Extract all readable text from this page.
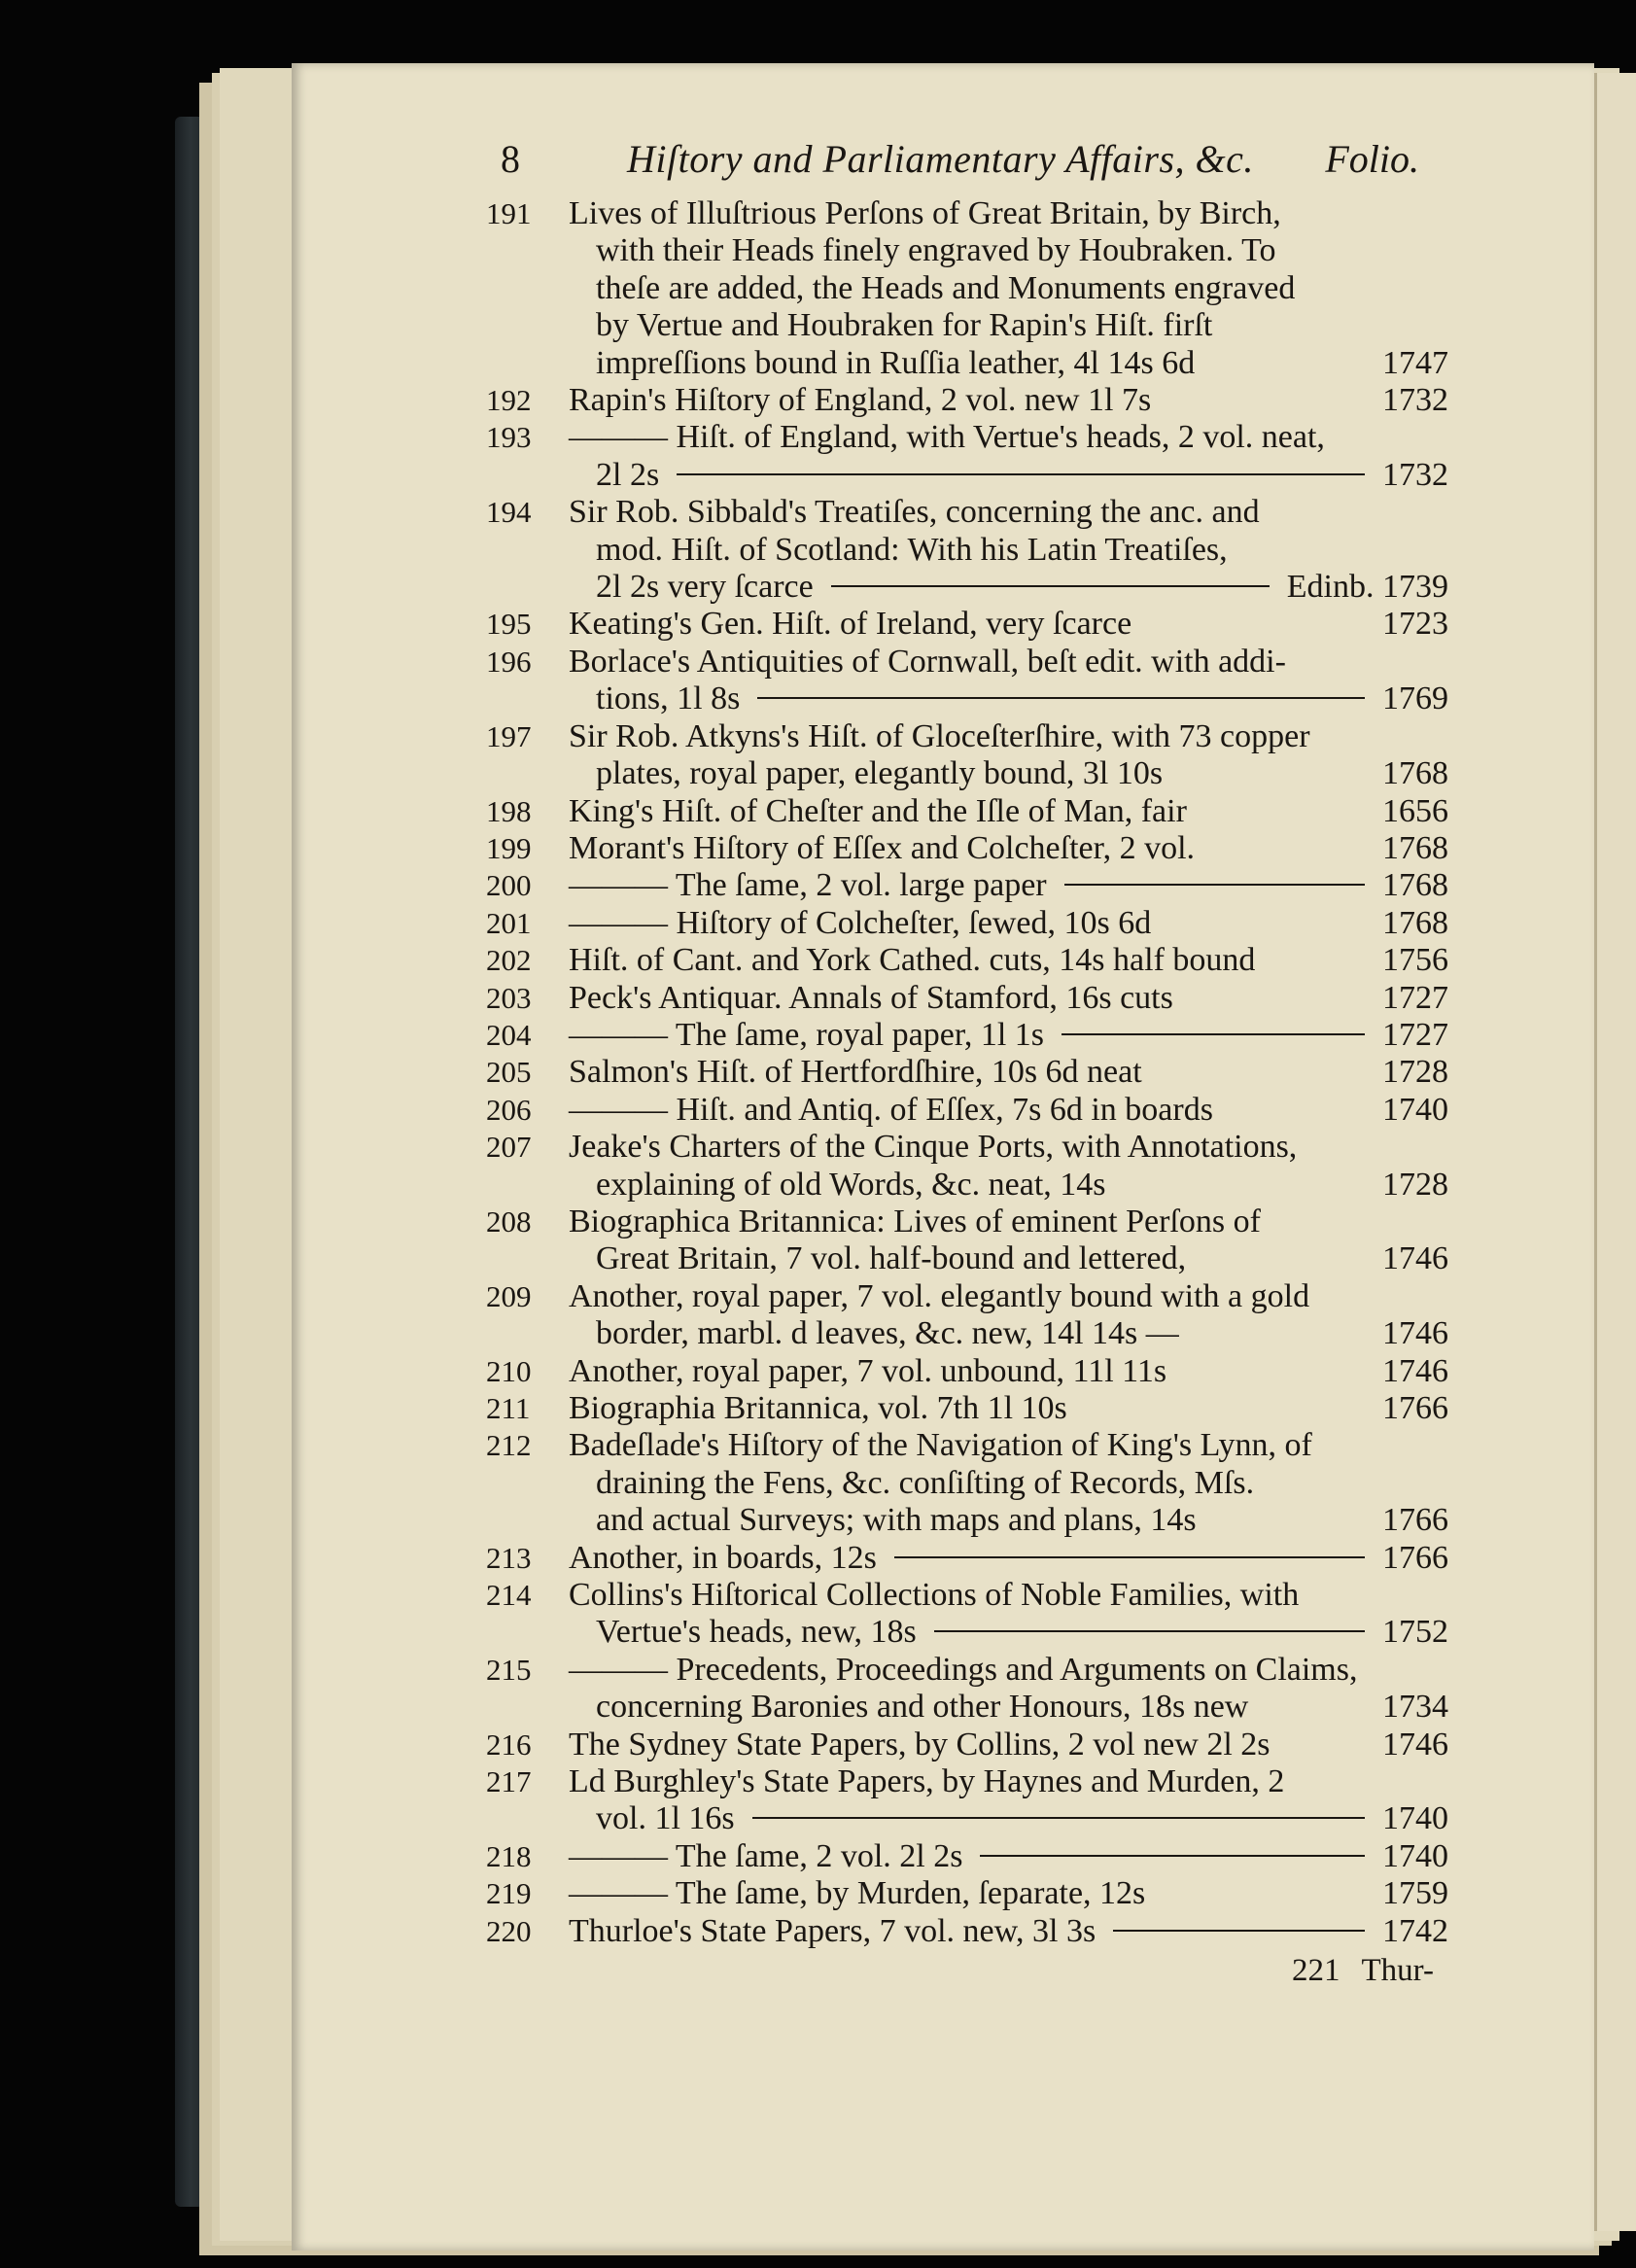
8	Hiſtory and Parliamentary Affairs, &c. Folio.
191	Lives of Illuſtrious Perſons of Great Britain, by Birch,
with their Heads finely engraved by Houbraken. To
theſe are added, the Heads and Monuments engraved
by Vertue and Houbraken for Rapin's Hiſt. firſt
impreſſions bound in Ruſſia leather, 4l 14s 6d	1747
192	Rapin's Hiſtory of England, 2 vol. new 1l 7s	1732
193	——— Hiſt. of England, with Vertue's heads, 2 vol. neat,
2l 2s	1732
194	Sir Rob. Sibbald's Treatiſes, concerning the anc. and
mod. Hiſt. of Scotland: With his Latin Treatiſes,
2l 2s very ſcarce	Edinb. 1739
195	Keating's Gen. Hiſt. of Ireland, very ſcarce	1723
196	Borlace's Antiquities of Cornwall, beſt edit. with addi-
tions, 1l 8s	1769
197	Sir Rob. Atkyns's Hiſt. of Gloceſterſhire, with 73 copper
plates, royal paper, elegantly bound, 3l 10s	1768
198	King's Hiſt. of Cheſter and the Iſle of Man, fair	1656
199	Morant's Hiſtory of Eſſex and Colcheſter, 2 vol.	1768
200	——— The ſame, 2 vol. large paper	1768
201	——— Hiſtory of Colcheſter, ſewed, 10s 6d	1768
202	Hiſt. of Cant. and York Cathed. cuts, 14s half bound	1756
203	Peck's Antiquar. Annals of Stamford, 16s cuts	1727
204	——— The ſame, royal paper, 1l 1s	1727
205	Salmon's Hiſt. of Hertfordſhire, 10s 6d neat	1728
206	——— Hiſt. and Antiq. of Eſſex, 7s 6d in boards	1740
207	Jeake's Charters of the Cinque Ports, with Annotations,
explaining of old Words, &c. neat, 14s	1728
208	Biographica Britannica: Lives of eminent Perſons of
Great Britain, 7 vol. half-bound and lettered,	1746
209	Another, royal paper, 7 vol. elegantly bound with a gold
border, marbl. d leaves, &c. new, 14l 14s —	1746
210	Another, royal paper, 7 vol. unbound, 11l 11s	1746
211	Biographia Britannica, vol. 7th 1l 10s	1766
212	Badeſlade's Hiſtory of the Navigation of King's Lynn, of
draining the Fens, &c. conſiſting of Records, Mſs.
and actual Surveys; with maps and plans, 14s	1766
213	Another, in boards, 12s	1766
214	Collins's Hiſtorical Collections of Noble Families, with
Vertue's heads, new, 18s	1752
215	——— Precedents, Proceedings and Arguments on Claims,
concerning Baronies and other Honours, 18s new	1734
216	The Sydney State Papers, by Collins, 2 vol new 2l 2s	1746
217	Ld Burghley's State Papers, by Haynes and Murden, 2
vol. 1l 16s	1740
218	——— The ſame, 2 vol. 2l 2s	1740
219	——— The ſame, by Murden, ſeparate, 12s	1759
220	Thurloe's State Papers, 7 vol. new, 3l 3s	1742
221 Thur-
